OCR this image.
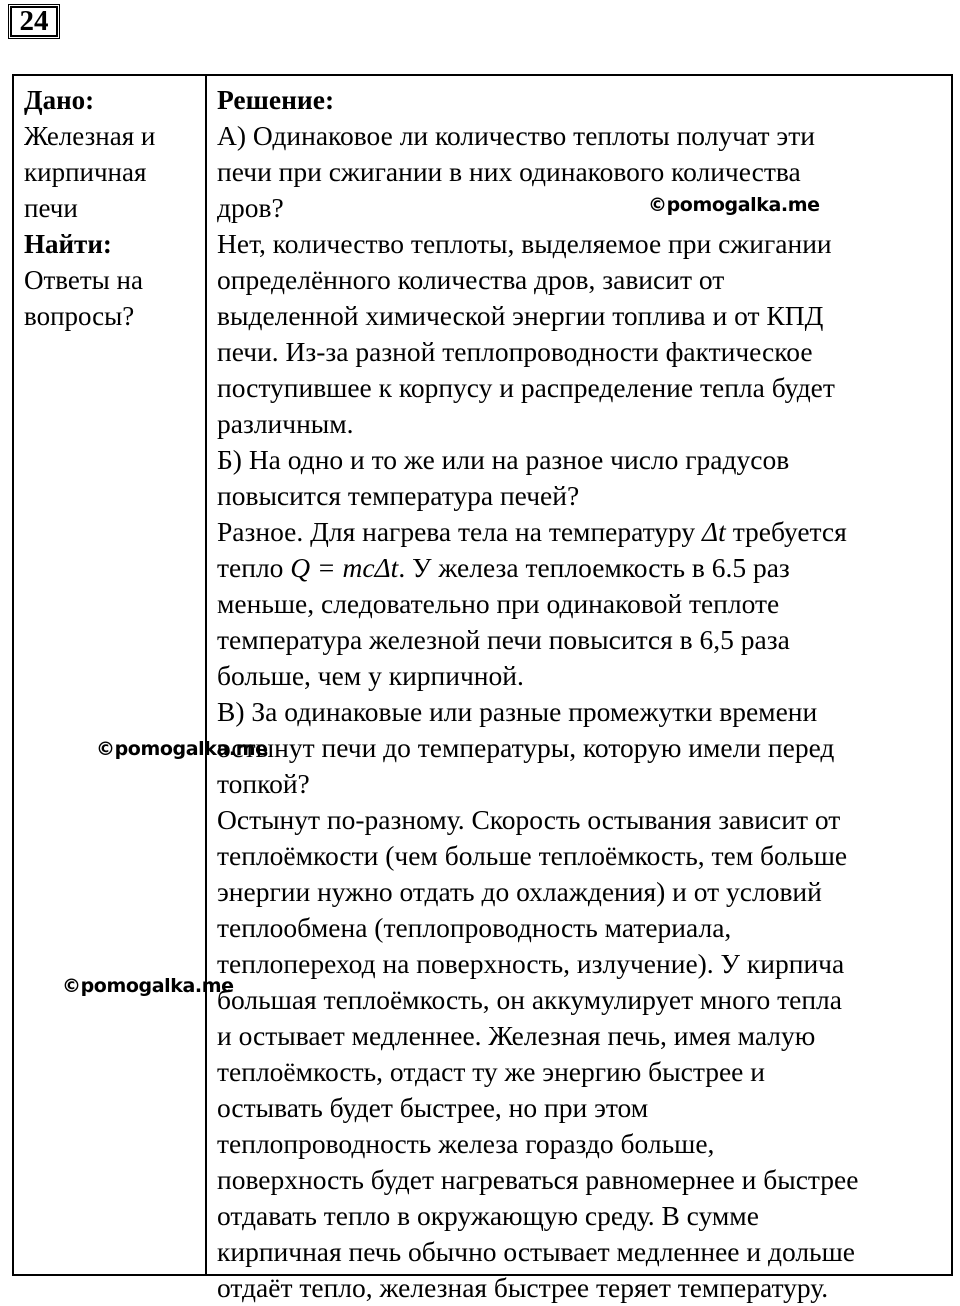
24
Дано:
Железная и
кирпичная
печи
Найти:
Ответы на
вопросы?
Решение:
А) Одинаковое ли количество теплоты получат эти
печи при сжигании в них одинакового количества
дров?
Нет, количество теплоты, выделяемое при сжигании
определённого количества дров, зависит от
выделенной химической энергии топлива и от КПД
печи. Из-за разной теплопроводности фактическое
поступившее к корпусу и распределение тепла будет
различным.
Б) На одно и то же или на разное число градусов
повысится температура печей?
Разное. Для нагрева тела на температуру Δt требуется
тепло Q = mcΔt. У железа теплоемкость в 6.5 раз
меньше, следовательно при одинаковой теплоте
температура железной печи повысится в 6,5 раза
больше, чем у кирпичной.
В) За одинаковые или разные промежутки времени
остынут печи до температуры, которую имели перед
топкой?
Остынут по-разному. Скорость остывания зависит от
теплоёмкости (чем больше теплоёмкость, тем больше
энергии нужно отдать до охлаждения) и от условий
теплообмена (теплопроводность материала,
теплопереход на поверхность, излучение). У кирпича
большая теплоёмкость, он аккумулирует много тепла
и остывает медленнее. Железная печь, имея малую
теплоёмкость, отдаст ту же энергию быстрее и
остывать будет быстрее, но при этом
теплопроводность железа гораздо больше,
поверхность будет нагреваться равномернее и быстрее
отдавать тепло в окружающую среду. В сумме
кирпичная печь обычно остывает медленнее и дольше
отдаёт тепло, железная быстрее теряет температуру.
©pomogalka.me
©pomogalka.me
©pomogalka.me
